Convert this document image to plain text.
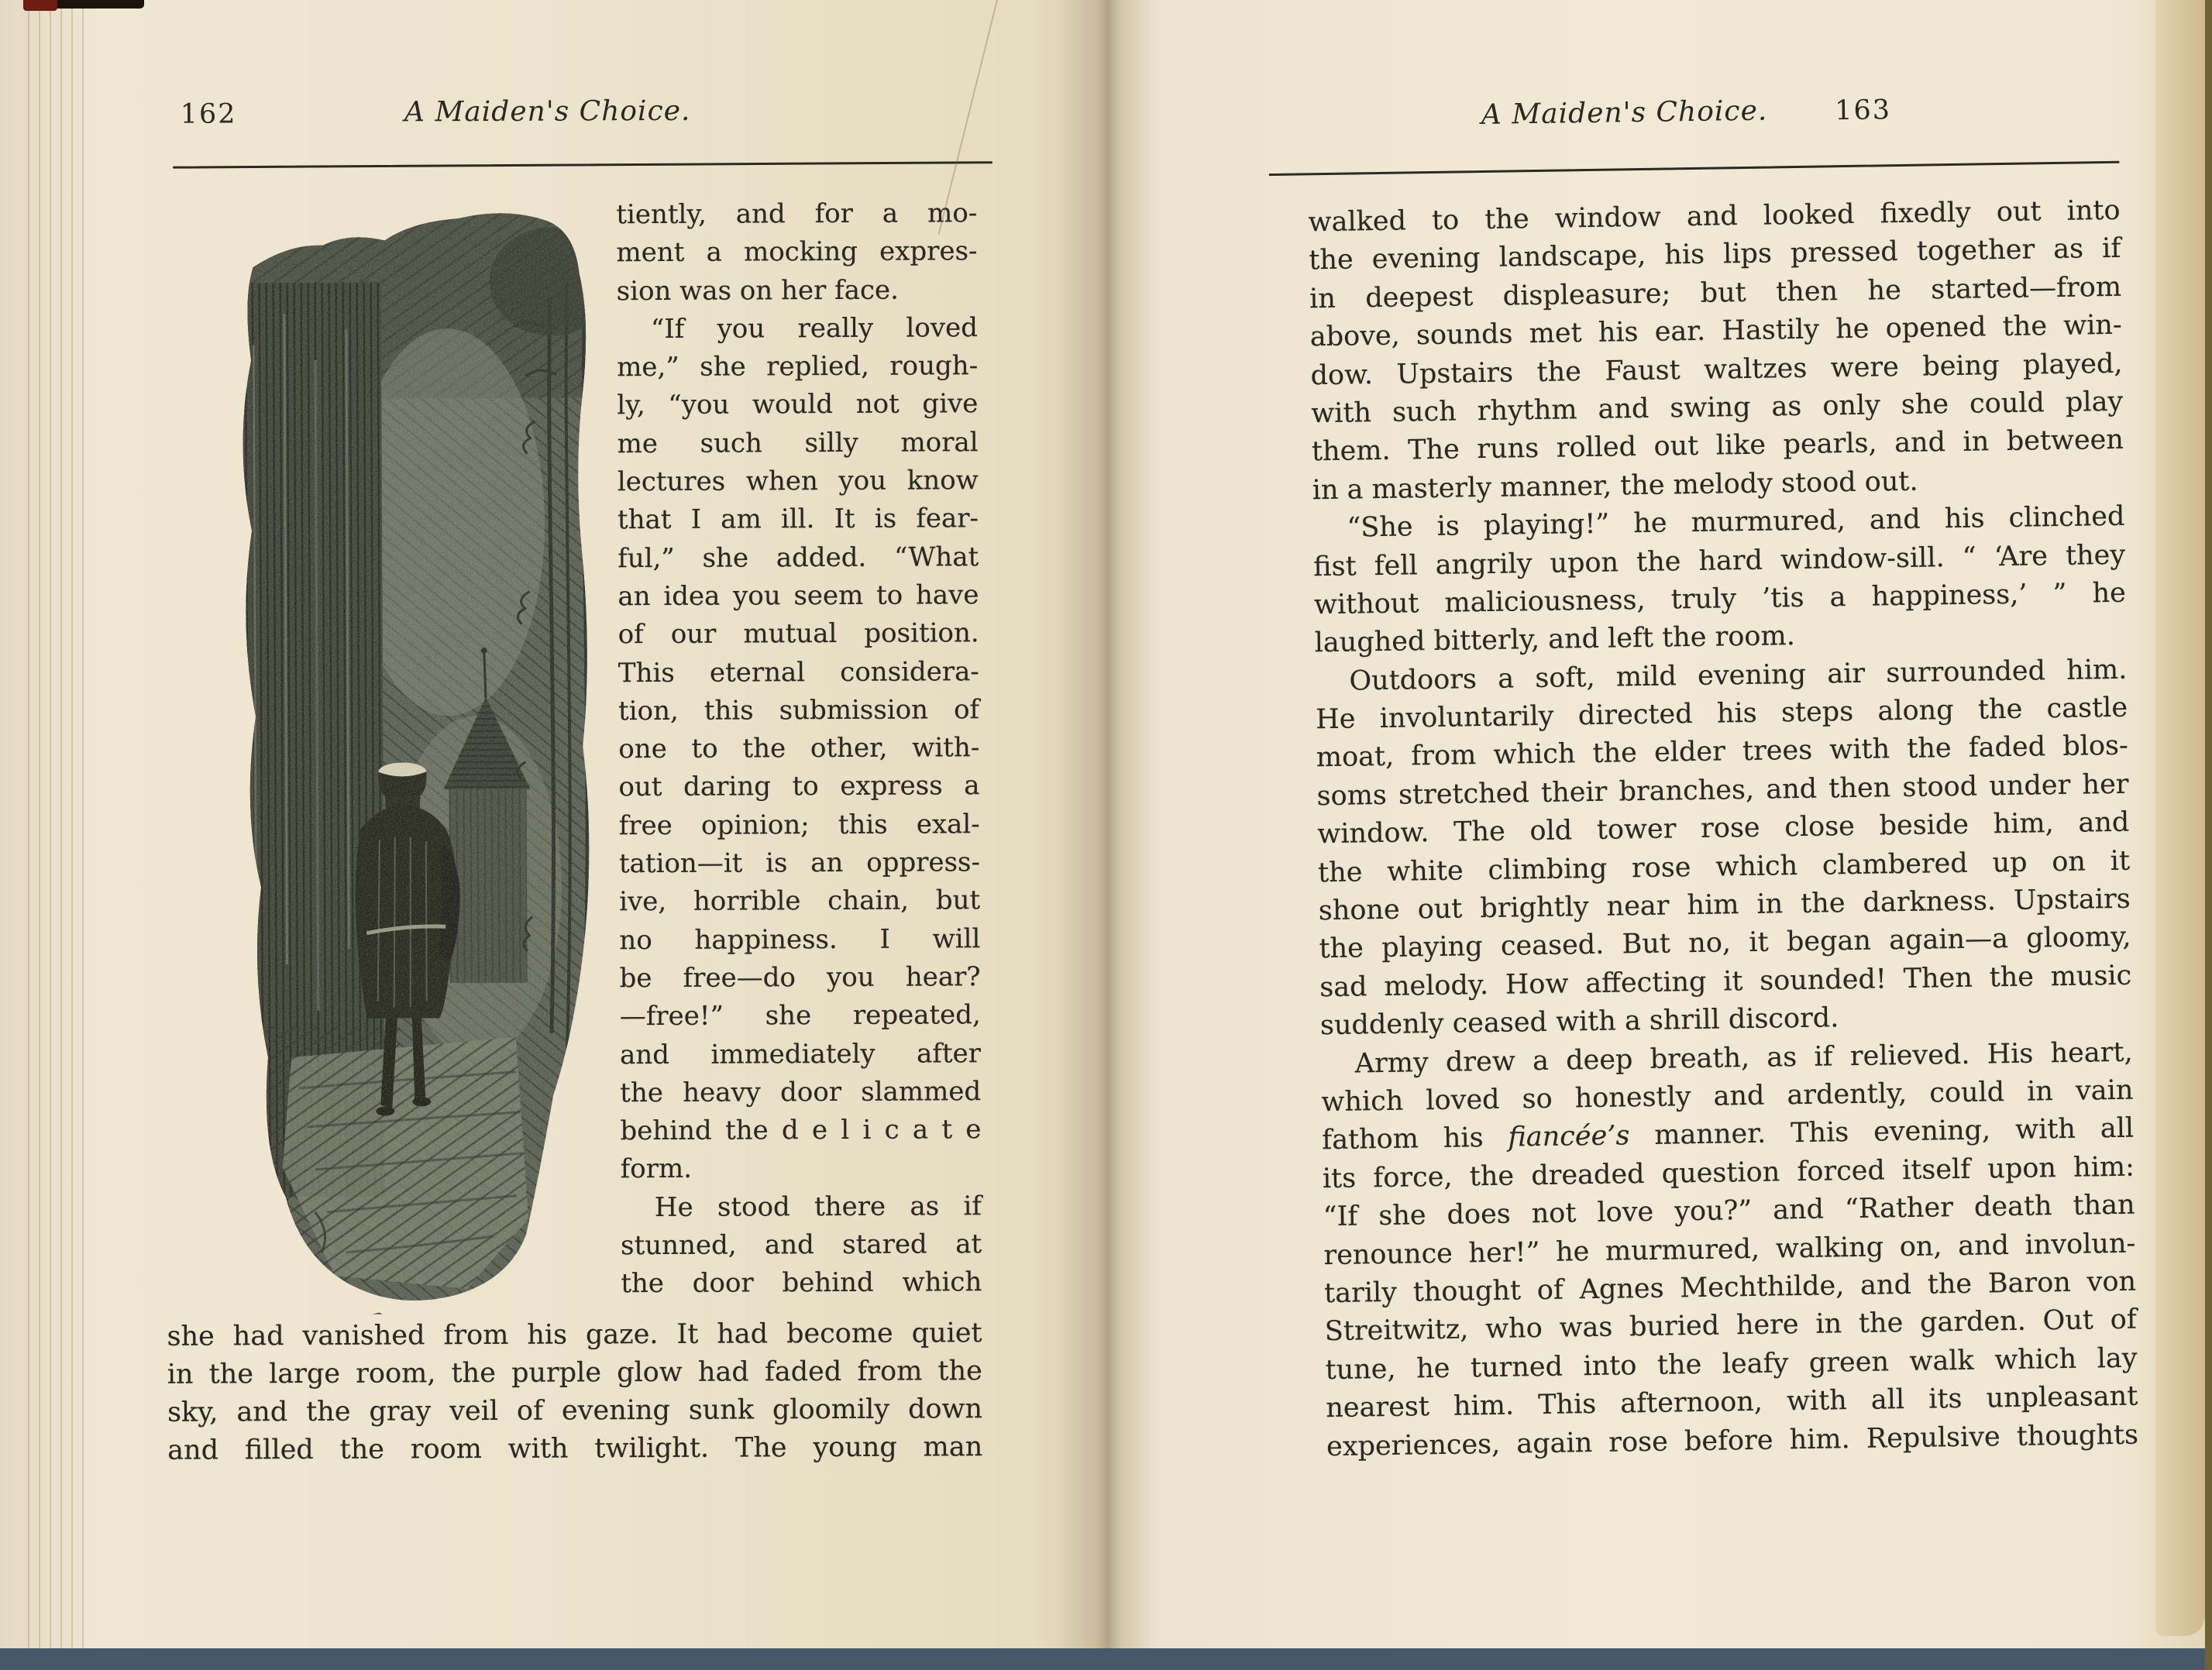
162	A Maiden's Choice.
tiently, and for a mo-
ment a mocking expres-
sion was on her face.
“If you really loved
me,” she replied, rough-
ly, “you would not give
me such silly moral
lectures when you know
that I am ill. It is fear-
ful,” she added. “What
an idea you seem to have
of our mutual position.
This eternal considera-
tion, this submission of
one to the other, with-
out daring to express a
free opinion; this exal-
tation—it is an oppress-
ive, horrible chain, but
no happiness. I will
be free—do you hear?
—free!” she repeated,
and immediately after
the heavy door slammed
behind the d e l i c a t e
form.
He stood there as if
stunned, and stared at
the door behind which
she had vanished from his gaze. It had become quiet
in the large room, the purple glow had faded from the
sky, and the gray veil of evening sunk gloomily down
and filled the room with twilight. The young man
A Maiden's Choice.	163
walked to the window and looked fixedly out into
the evening landscape, his lips pressed together as if
in deepest displeasure; but then he started—from
above, sounds met his ear. Hastily he opened the win-
dow. Upstairs the Faust waltzes were being played,
with such rhythm and swing as only she could play
them. The runs rolled out like pearls, and in between
in a masterly manner, the melody stood out.
“She is playing!” he murmured, and his clinched
fist fell angrily upon the hard window-sill. “ ‘Are they
without maliciousness, truly ’tis a happiness,’ ” he
laughed bitterly, and left the room.
Outdoors a soft, mild evening air surrounded him.
He involuntarily directed his steps along the castle
moat, from which the elder trees with the faded blos-
soms stretched their branches, and then stood under her
window. The old tower rose close beside him, and
the white climbing rose which clambered up on it
shone out brightly near him in the darkness. Upstairs
the playing ceased. But no, it began again—a gloomy,
sad melody. How affecting it sounded! Then the music
suddenly ceased with a shrill discord.
Army drew a deep breath, as if relieved. His heart,
which loved so honestly and ardently, could in vain
fathom his fiancée’s manner. This evening, with all
its force, the dreaded question forced itself upon him:
“If she does not love you?” and “Rather death than
renounce her!” he murmured, walking on, and involun-
tarily thought of Agnes Mechthilde, and the Baron von
Streitwitz, who was buried here in the garden. Out of
tune, he turned into the leafy green walk which lay
nearest him. This afternoon, with all its unpleasant
experiences, again rose before him. Repulsive thoughts
